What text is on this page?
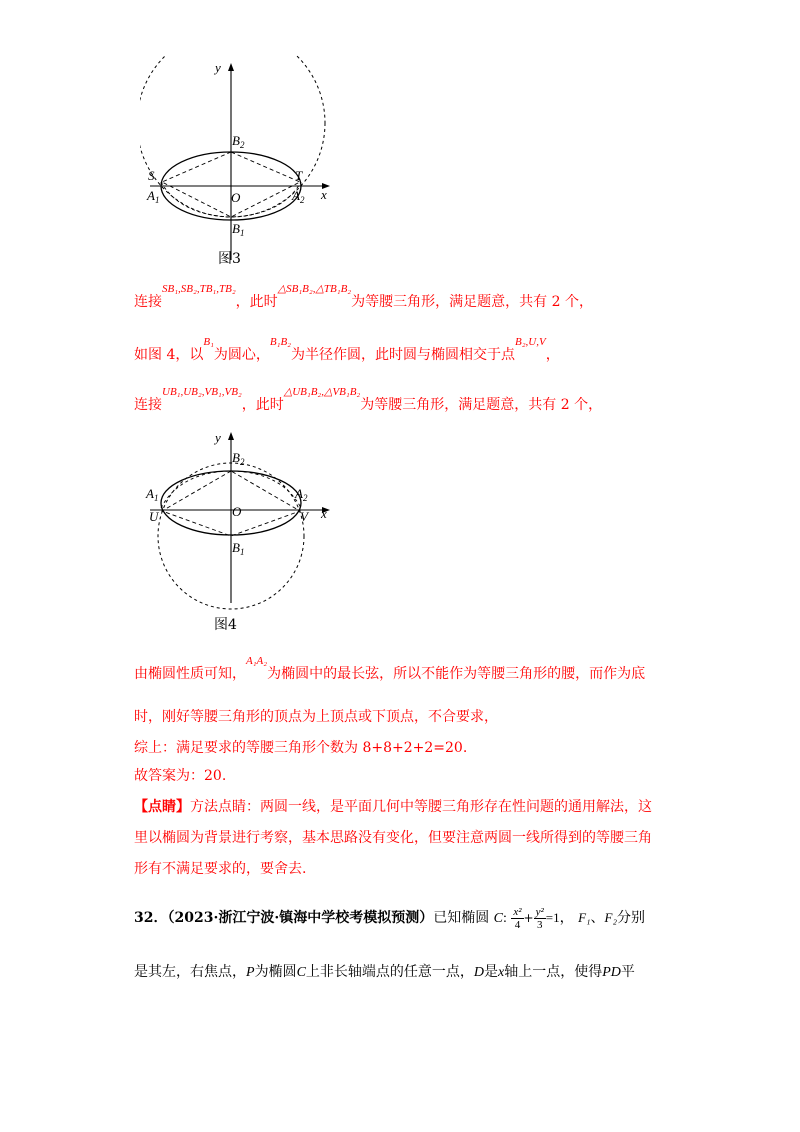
y
x
O
S	T
$B_2$
$B_1$
$A_1$	$A_2$
图3
连接$^{SB_1,SB_2,TB_1,TB_2}$，此时$^{\triangle SB_1B_2,\triangle TB_1B_2}$为等腰三角形，满足题意，共有 2 个，
如图 4，以$^{B_1}$为圆心，$^{B_1B_2}$为半径作圆，此时圆与椭圆相交于点$^{B_2,U,V}$，
连接$^{UB_1,UB_2,VB_1,VB_2}$，此时$^{\triangle UB_1B_2,\triangle VB_1B_2}$为等腰三角形，满足题意，共有 2 个，
y
x
O
U	V
$B_2$
$B_1$
$A_1$	$A_2$
图4
由椭圆性质可知，$^{A_1A_2}$为椭圆中的最长弦，所以不能作为等腰三角形的腰，而作为底
时，刚好等腰三角形的顶点为上顶点或下顶点，不合要求，
综上：满足要求的等腰三角形个数为 8+8+2+2=20.
故答案为：20.
【点睛】方法点睛：两圆一线，是平面几何中等腰三角形存在性问题的通用解法，这
里以椭圆为背景进行考察，基本思路没有变化，但要注意两圆一线所得到的等腰三角
形有不满足要求的，要舍去.
32．（2023·浙江宁波·镇海中学校考模拟预测）已知椭圆 C: $\frac{\text{x²}}{4} + \frac{\text{y²}}{3} =1$， F₁、F₂分别
是其左，右焦点，P为椭圆C上非长轴端点的任意一点，D是x轴上一点，使得PD平
